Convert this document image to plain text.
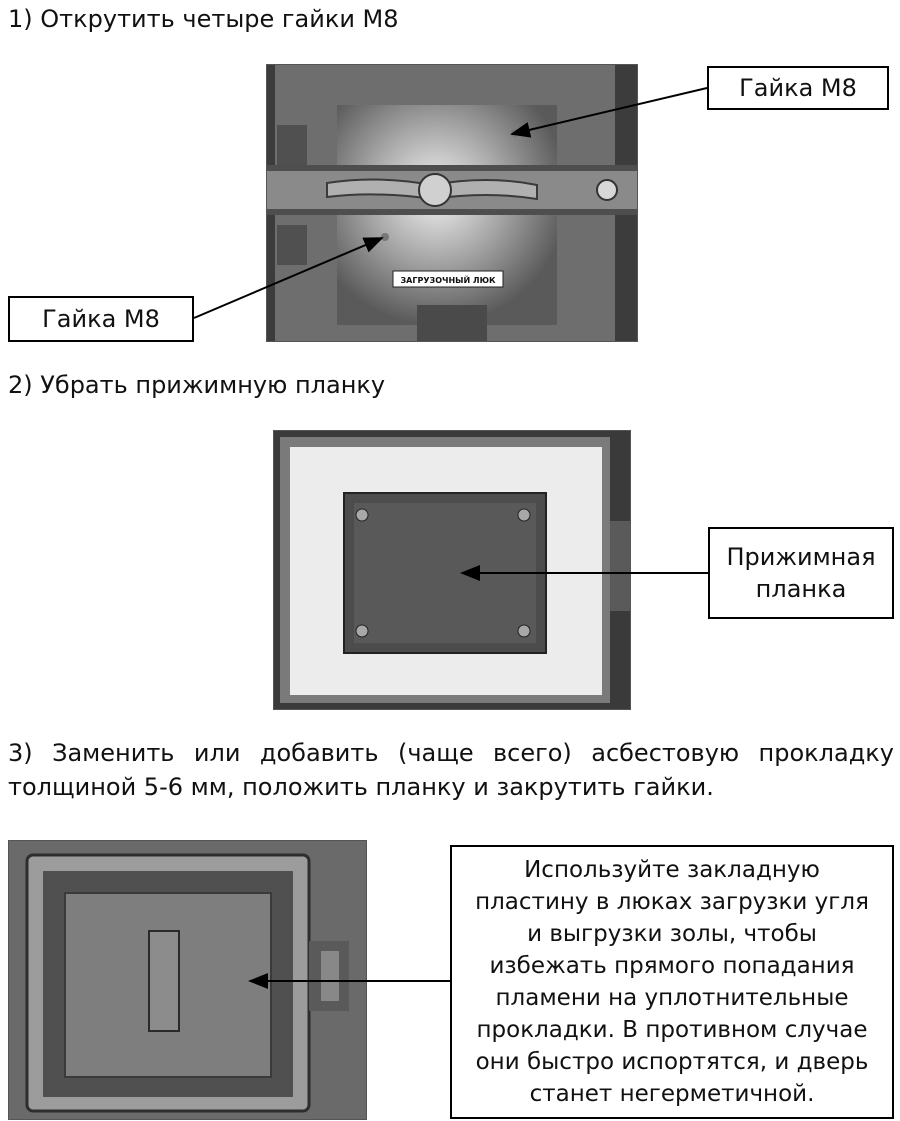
1) Открутить четыре гайки М8

ЗАГРУЗОЧНЫЙ ЛЮК
Гайка М8
Гайка М8

2) Убрать прижимную планку

Прижимная планка

3) Заменить или добавить (чаще всего) асбестовую прокладку толщиной 5-6 мм, положить планку и закрутить гайки.

Используйте закладную пластину в люках загрузки угля и выгрузки золы, чтобы избежать прямого попадания пламени на уплотнительные прокладки. В противном случае они быстро испортятся, и дверь станет негерметичной.
